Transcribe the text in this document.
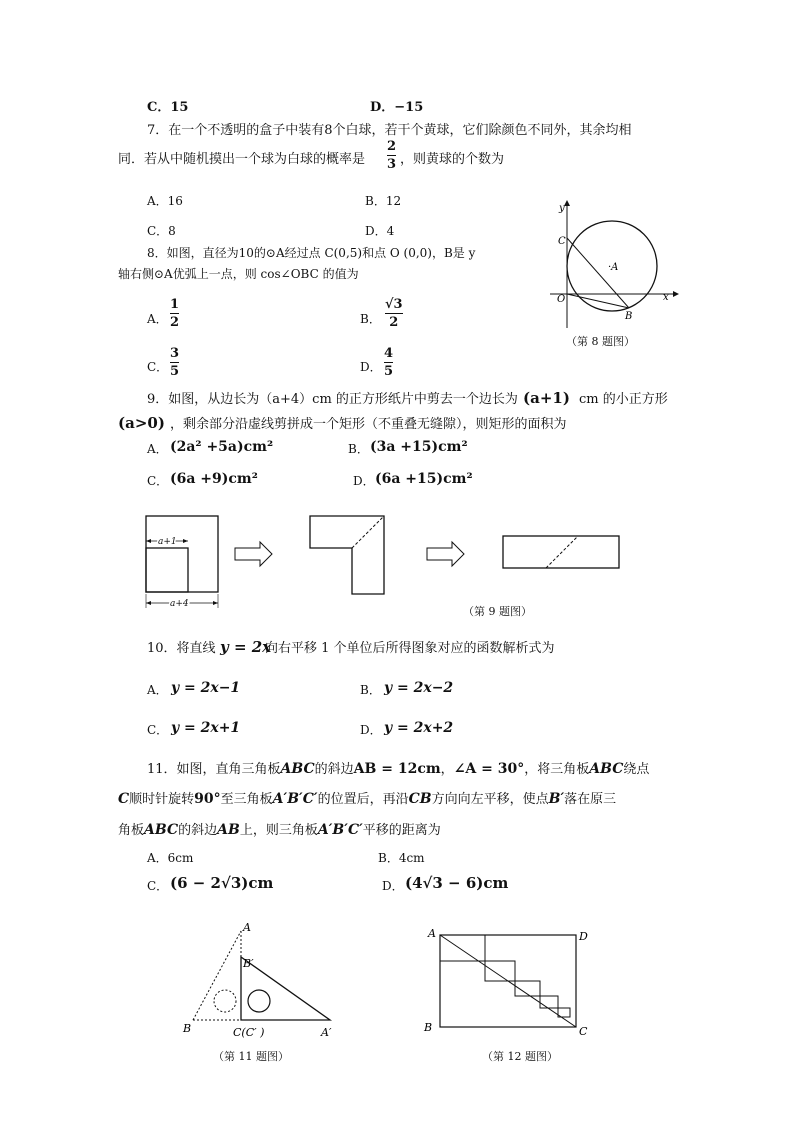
C．15	D．−15
7．在一个不透明的盒子中装有8个白球，若干个黄球，它们除颜色不同外，其余均相
同．若从中随机摸出一个球为白球的概率是
2
3 ，则黄球的个数为
A．16	B．12
C．8	D．4
8．如图，直径为10的⊙A经过点 C(0,5)和点 O (0,0)，B是 y
轴右侧⊙A优弧上一点，则 cos∠OBC 的值为
A．
1
2	B．
√3
2
C．
3
5	D．
4
5
x
y
C
O
B
·A
（第 8 题图）
9．如图，从边长为（a+4）cm 的正方形纸片中剪去一个边长为 (a+1) cm 的小正方形
(a>0) ，剩余部分沿虚线剪拼成一个矩形（不重叠无缝隙），则矩形的面积为
A． (2a² +5a)cm²	B． (3a +15)cm²
C． (6a +9)cm²	D． (6a +15)cm²
a+1
a+4
（第 9 题图）
10．将直线 y = 2x
向右平移 1 个单位后所得图象对应的函数解析式为
A． y = 2x−1	B． y = 2x−2
C． y = 2x+1	D． y = 2x+2
11．如图，直角三角板ABC的斜边AB = 12cm，∠A = 30°，将三角板ABC绕点
C顺时针旋转90°至三角板A′B′C′的位置后，再沿CB方向向左平移，使点B′落在原三
角板ABC的斜边AB上，则三角板A′B′C′平移的距离为
A．6cm	B．4cm
C． (6 − 2√3)cm	D． (4√3 − 6)cm
A
B′
B	C(C′ )	A′
（第 11 题图）
A	D
B	C
（第 12 题图）
